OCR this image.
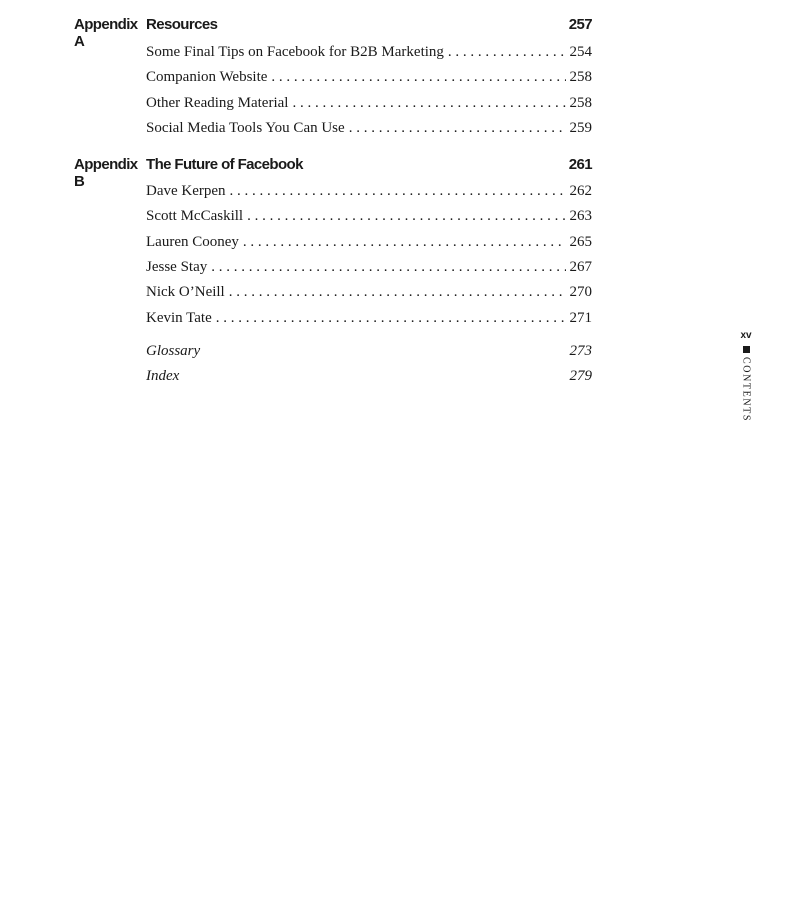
Appendix A
Resources	257
Some Final Tips on Facebook for B2B Marketing . . .	254
Companion Website . . .	258
Other Reading Material . . .	258
Social Media Tools You Can Use . . .	259
Appendix B
The Future of Facebook	261
Dave Kerpen . . .	262
Scott McCaskill . . .	263
Lauren Cooney . . .	265
Jesse Stay . . .	267
Nick O’Neill . . .	270
Kevin Tate . . .	271
Glossary	273
Index	279
xv
CONTENTS
